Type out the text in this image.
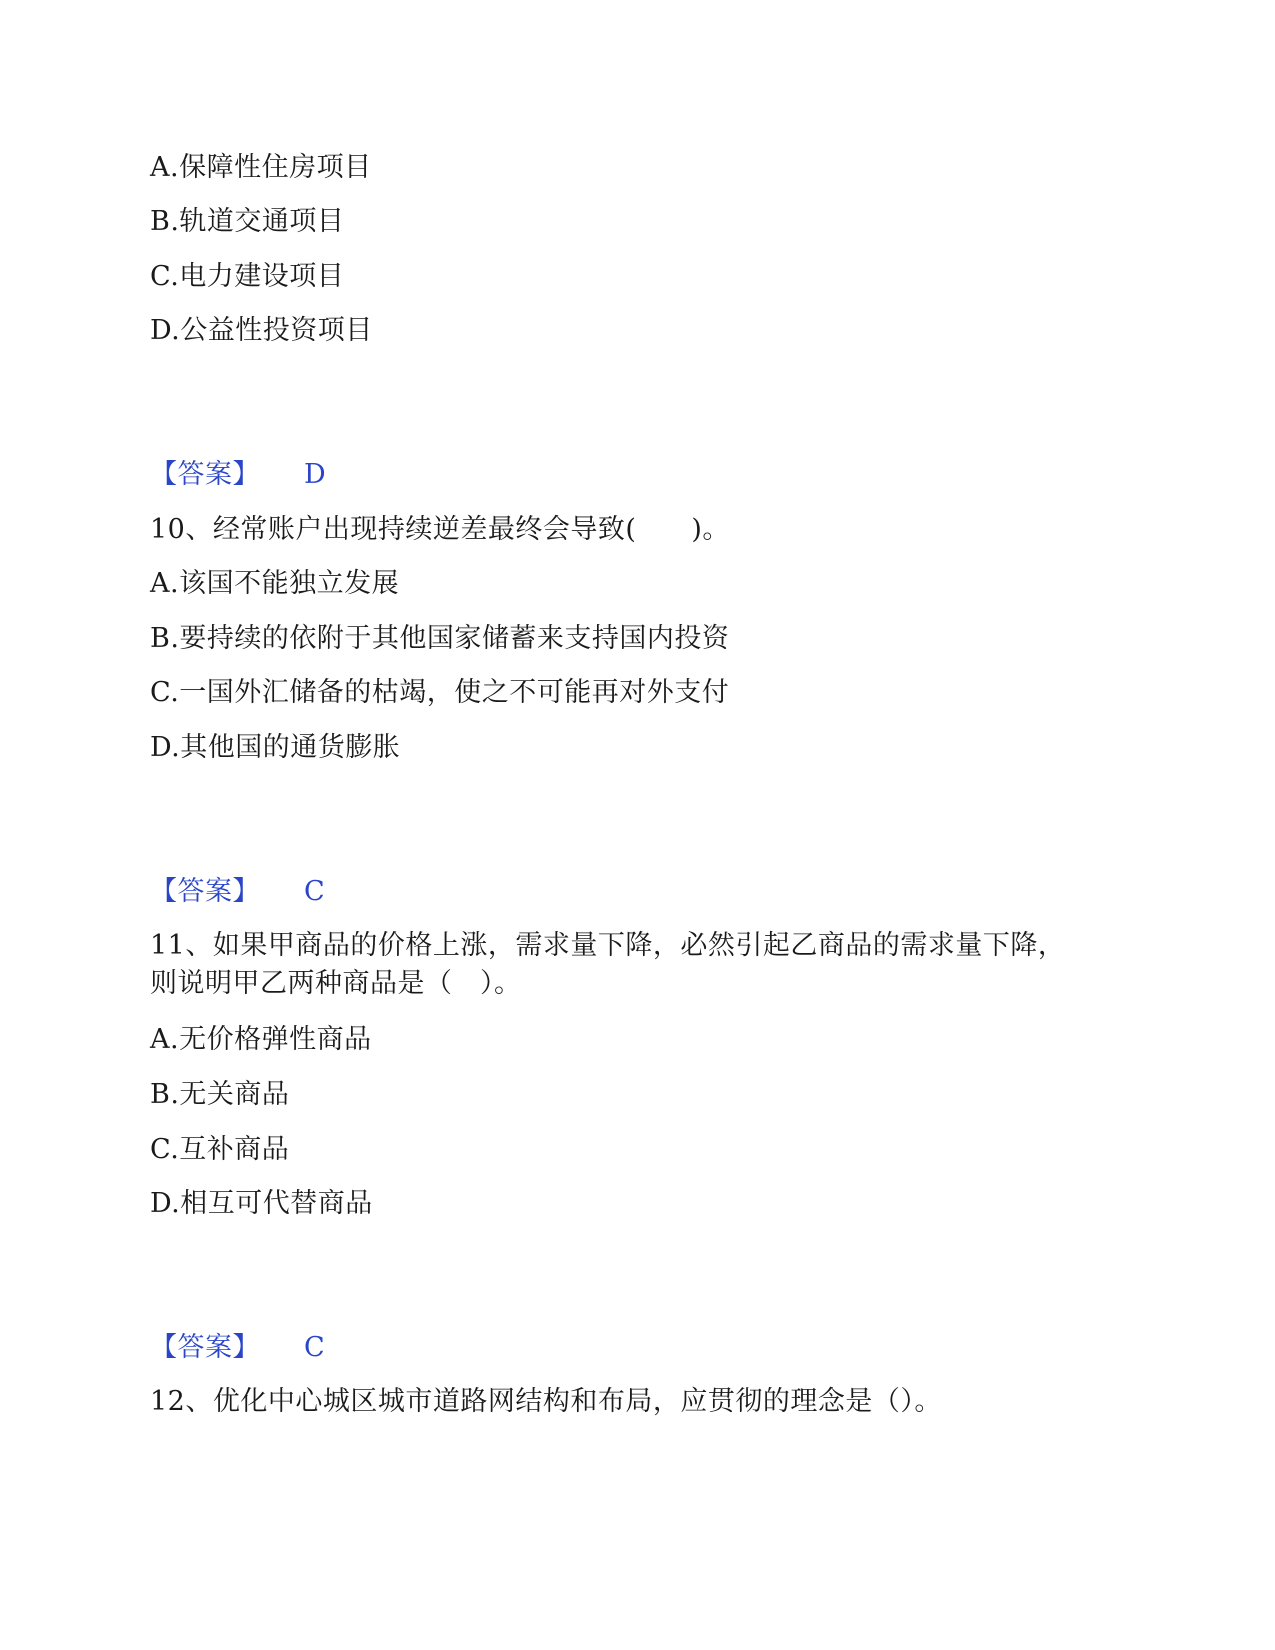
A.保障性住房项目
B.轨道交通项目
C.电力建设项目
D.公益性投资项目
【答案】 D
10、经常账户出现持续逆差最终会导致(　　)。
A.该国不能独立发展
B.要持续的依附于其他国家储蓄来支持国内投资
C.一国外汇储备的枯竭，使之不可能再对外支付
D.其他国的通货膨胀
【答案】 C
11、如果甲商品的价格上涨，需求量下降，必然引起乙商品的需求量下降，
则说明甲乙两种商品是（　）。
A.无价格弹性商品
B.无关商品
C.互补商品
D.相互可代替商品
【答案】 C
12、优化中心城区城市道路网结构和布局，应贯彻的理念是（）。
